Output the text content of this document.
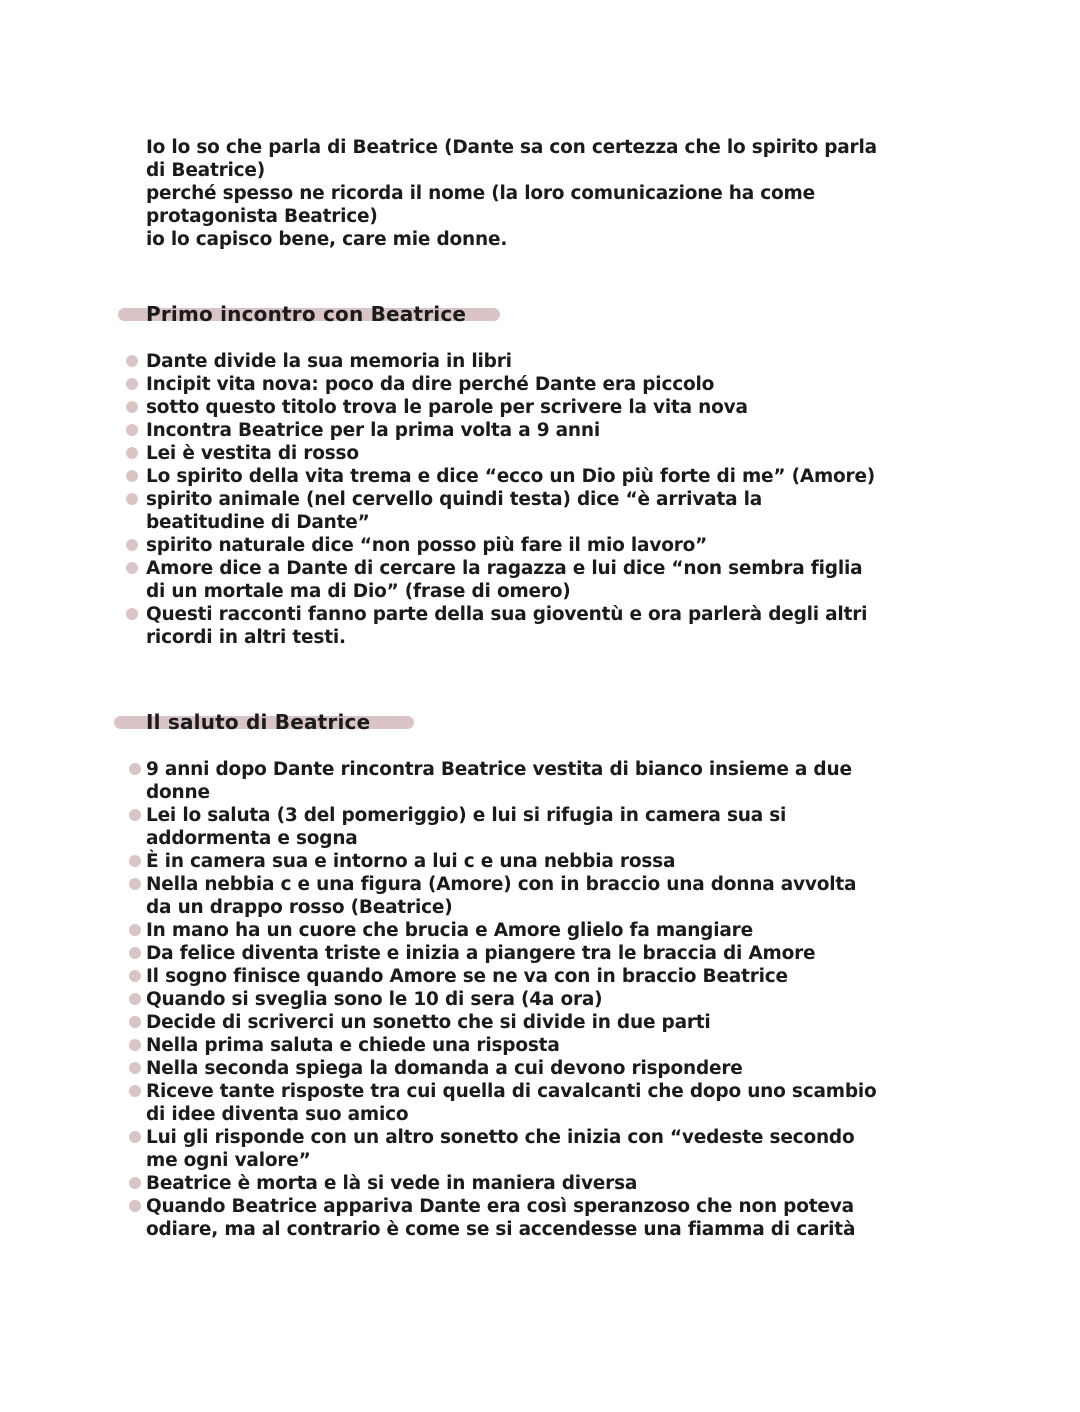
Io lo so che parla di Beatrice (Dante sa con certezza che lo spirito parla di Beatrice)

perché spesso ne ricorda il nome (la loro comunicazione ha come protagonista Beatrice)

io lo capisco bene, care mie donne.

Primo incontro con Beatrice
Dante divide la sua memoria in libri
Incipit vita nova: poco da dire perché Dante era piccolo
sotto questo titolo trova le parole per scrivere la vita nova
Incontra Beatrice per la prima volta a 9 anni
Lei è vestita di rosso
Lo spirito della vita trema e dice “ecco un Dio più forte di me” (Amore)
spirito animale (nel cervello quindi testa) dice “è arrivata la beatitudine di Dante”
spirito naturale dice “non posso più fare il mio lavoro”
Amore dice a Dante di cercare la ragazza e lui dice “non sembra figlia di un mortale ma di Dio” (frase di omero)
Questi racconti fanno parte della sua gioventù e ora parlerà degli altri ricordi in altri testi.
Il saluto di Beatrice
9 anni dopo Dante rincontra Beatrice vestita di bianco insieme a due donne
Lei lo saluta (3 del pomeriggio) e lui si rifugia in camera sua si addormenta e sogna
È in camera sua e intorno a lui c e una nebbia rossa
Nella nebbia c e una figura (Amore) con in braccio una donna avvolta da un drappo rosso (Beatrice)
In mano ha un cuore che brucia e Amore glielo fa mangiare
Da felice diventa triste e inizia a piangere tra le braccia di Amore
Il sogno finisce quando Amore se ne va con in braccio Beatrice
Quando si sveglia sono le 10 di sera (4a ora)
Decide di scriverci un sonetto che si divide in due parti
Nella prima saluta e chiede una risposta
Nella seconda spiega la domanda a cui devono rispondere
Riceve tante risposte tra cui quella di cavalcanti che dopo uno scambio di idee diventa suo amico
Lui gli risponde con un altro sonetto che inizia con “vedeste secondo me ogni valore”
Beatrice è morta e là si vede in maniera diversa
Quando Beatrice appariva Dante era così speranzoso che non poteva odiare, ma al contrario è come se si accendesse una fiamma di carità
